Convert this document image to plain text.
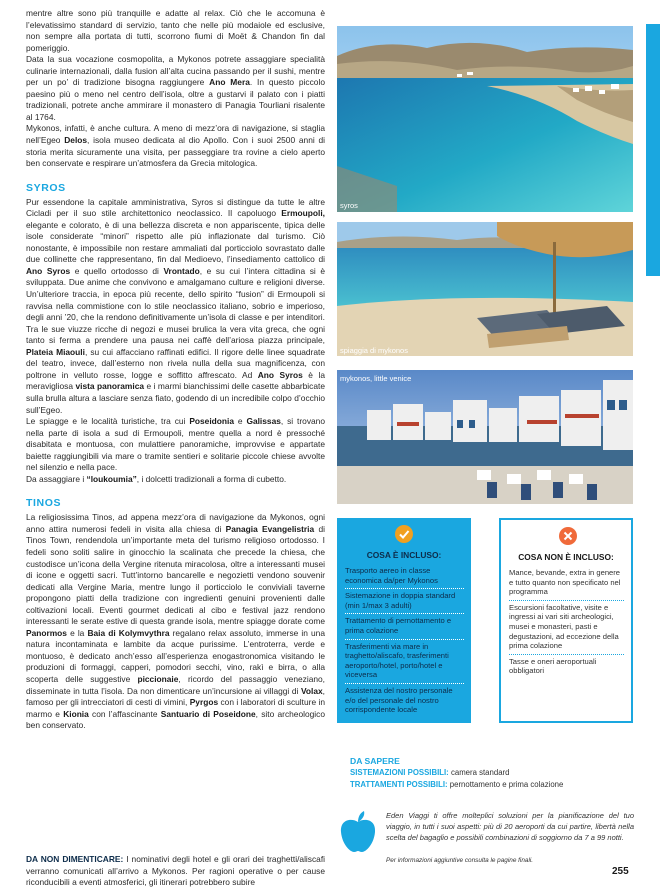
mentre altre sono più tranquille e adatte al relax. Ciò che le accomuna è l’elevatissimo standard di servizio, tanto che nelle più modaiole ed esclusive, non sempre alla portata di tutti, scorrono fiumi di Moët & Chandon fin dal pomeriggio.

Data la sua vocazione cosmopolita, a Mykonos potrete assaggiare specialità culinarie internazionali, dalla fusion all’alta cucina passando per il sushi, mentre per un po’ di tradizione bisogna raggiungere Ano Mera. In questo piccolo paesino più o meno nel centro dell’isola, oltre a gustarvi il palato con i piatti tradizionali, potrete anche ammirare il monastero di Panagia Tourliani risalente al 1764.

Mykonos, infatti, è anche cultura. A meno di mezz’ora di navigazione, si staglia nell’Egeo Delos, isola museo dedicata al dio Apollo. Con i suoi 2500 anni di storia merita sicuramente una visita, per passeggiare tra rovine a cielo aperto ben conservate e respirare un’atmosfera da Grecia mitologica.

SYROS

Pur essendone la capitale amministrativa, Syros si distingue da tutte le altre Cicladi per il suo stile architettonico neoclassico. Il capoluogo Ermoupoli, elegante e colorato, è di una bellezza discreta e non appariscente, tipica delle isole considerate “minori” rispetto alle più inflazionate dal turismo. Ciò nonostante, è impossibile non restare ammaliati dal porticciolo sovrastato dalle due collinette che rappresentano, fin dal Medioevo, l’insediamento cattolico di Ano Syros e quello ortodosso di Vrontado, e su cui l’intera cittadina si è sviluppata. Due anime che convivono e amalgamano culture e religioni diverse. Un’ulteriore traccia, in epoca più recente, dello spirito “fusion” di Ermoupoli si ravvisa nella commistione con lo stile neoclassico italiano, sobrio e imperioso, degli anni ’20, che la rendono definitivamente un’isola di classe e per intenditori. Tra le sue viuzze ricche di negozi e musei brulica la vera vita greca, che ogni tanto si ferma a prendere una pausa nei caffè dell’ariosa piazza principale, Plateia Miaouli, su cui affacciano raffinati edifici. Il rigore delle linee squadrate del teatro, invece, dall’esterno non rivela nulla della sua magnificenza, con poltrone in velluto rosse, logge e soffitto affrescato. Ad Ano Syros è la meravigliosa vista panoramica e i marmi bianchissimi delle casette abbarbicate sulla brulla altura a lasciare senza fiato, godendo di un incredibile colpo d’occhio sull’Egeo.

Le spiagge e le località turistiche, tra cui Poseidonia e Galissas, si trovano nella parte di isola a sud di Ermoupoli, mentre quella a nord è pressoché disabitata e montuosa, con mulattiere panoramiche, improvvise e appartate baiette raggiungibili via mare o tramite sentieri e solitarie piccole chiese avvolte nel silenzio e nella pace.

Da assaggiare i “loukoumia”, i dolcetti tradizionali a forma di cubetto.

TINOS

La religiosissima Tinos, ad appena mezz’ora di navigazione da Mykonos, ogni anno attira numerosi fedeli in visita alla chiesa di Panagia Evangelistria di Tinos Town, rendendola un’importante meta del turismo religioso ortodosso. I fedeli sono soliti salire in ginocchio la scalinata che precede la chiesa, che custodisce un’icona della Vergine ritenuta miracolosa, oltre a interessanti musei di icone e oggetti sacri. Tutt’intorno bancarelle e negozietti vendono souvenir dedicati alla Vergine Maria, mentre lungo il porticciolo le conviviali taverne propongono piatti della tradizione con ingredienti genuini provenienti dalle coltivazioni locali. Eventi gourmet dedicati al cibo e festival jazz rendono interessanti le serate estive di questa grande isola, mentre spiagge dorate come Panormos e la Baia di Kolymvythra regalano relax assoluto, immerse in una natura incontaminata e lambite da acque purissime. L’entroterra, verde e montuoso, è dedicato anch’esso all’esperienza enogastronomica visitando le produzioni di formaggi, capperi, pomodori secchi, vino, rakì e birra, o alla scoperta delle suggestive piccionaie, ricordo del passaggio veneziano, disseminate in tutta l’isola. Da non dimenticare un’incursione ai villaggi di Volax, famoso per gli intrecciatori di cesti di vimini, Pyrgos con i laboratori di sculture in marmo e Kionia con l’affascinante Santuario di Poseidone, sito archeologico ben conservato.

DA NON DIMENTICARE: I nominativi degli hotel e gli orari dei traghetti/aliscafi verranno comunicati all’arrivo a Mykonos. Per ragioni operative o per cause riconducibili a eventi atmosferici, gli itinerari potrebbero subire

syros
spiaggia di mykonos
mykonos, little venice
COSA È INCLUSO:
Trasporto aereo in classe economica da/per Mykonos
Sistemazione in doppia standard (min 1/max 3 adulti)
Trattamento di pernottamento e prima colazione
Trasferimenti via mare in traghetto/aliscafo, trasferimenti aeroporto/hotel, porto/hotel e viceversa
Assistenza del nostro personale e/o del personale del nostro corrispondente locale
COSA NON È INCLUSO:
Mance, bevande, extra in genere e tutto quanto non specificato nel programma
Escursioni facoltative, visite e ingressi ai vari siti archeologici, musei e monasteri, pasti e degustazioni, ad eccezione della prima colazione
Tasse e oneri aeroportuali obbligatori
DA SAPERE
SISTEMAZIONI POSSIBILI: camera standard
TRATTAMENTI POSSIBILI: pernottamento e prima colazione
Eden Viaggi ti offre molteplici soluzioni per la pianificazione del tuo viaggio, in tutti i suoi aspetti: più di 20 aeroporti da cui partire, libertà nella scelta del bagaglio e possibili combinazioni di soggiorno da 7 a 99 notti.
Per informazioni aggiuntive consulta le pagine finali.
255
